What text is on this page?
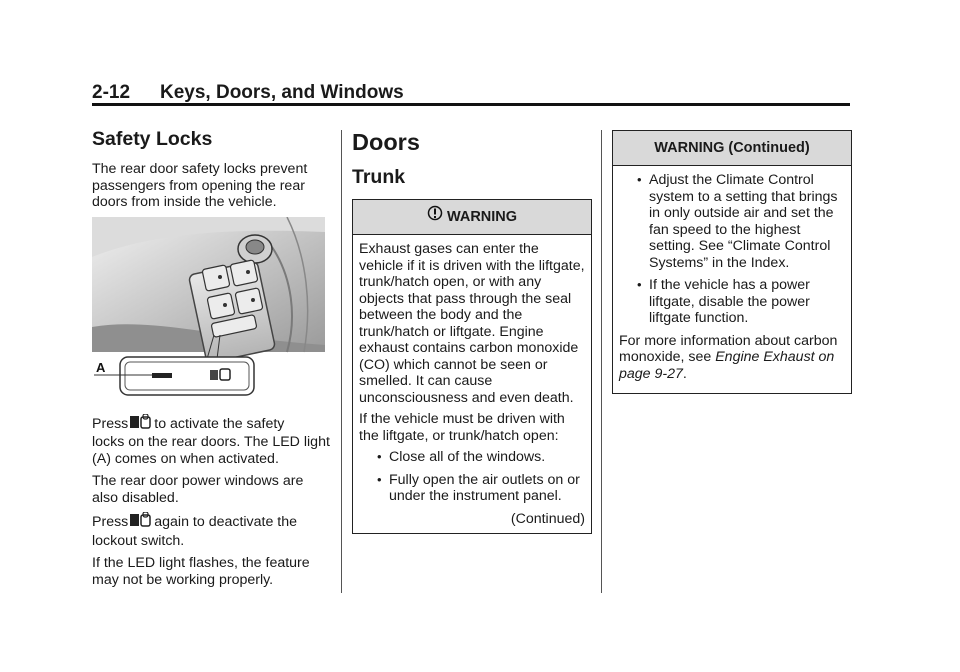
2-12 Keys, Doors, and Windows
Safety Locks

The rear door safety locks prevent passengers from opening the rear doors from inside the vehicle.

A
Press to activate the safety

locks on the rear doors. The LED light (A) comes on when activated.

The rear door power windows are also disabled.

Press again to deactivate the

lockout switch.

If the LED light flashes, the feature may not be working properly.

Doors
Trunk
WARNING

Exhaust gases can enter the vehicle if it is driven with the liftgate, trunk/hatch open, or with any objects that pass through the seal between the body and the trunk/hatch or liftgate. Engine exhaust contains carbon monoxide (CO) which cannot be seen or smelled. It can cause unconsciousness and even death.

If the vehicle must be driven with the liftgate, or trunk/hatch open:

• Close all of the windows.
• Fully open the air outlets on or under the instrument panel.
(Continued)
WARNING (Continued)
• Adjust the Climate Control system to a setting that brings in only outside air and set the fan speed to the highest setting. See “Climate Control Systems” in the Index.
• If the vehicle has a power liftgate, disable the power liftgate function.

For more information about carbon monoxide, see Engine Exhaust on page 9-27.
